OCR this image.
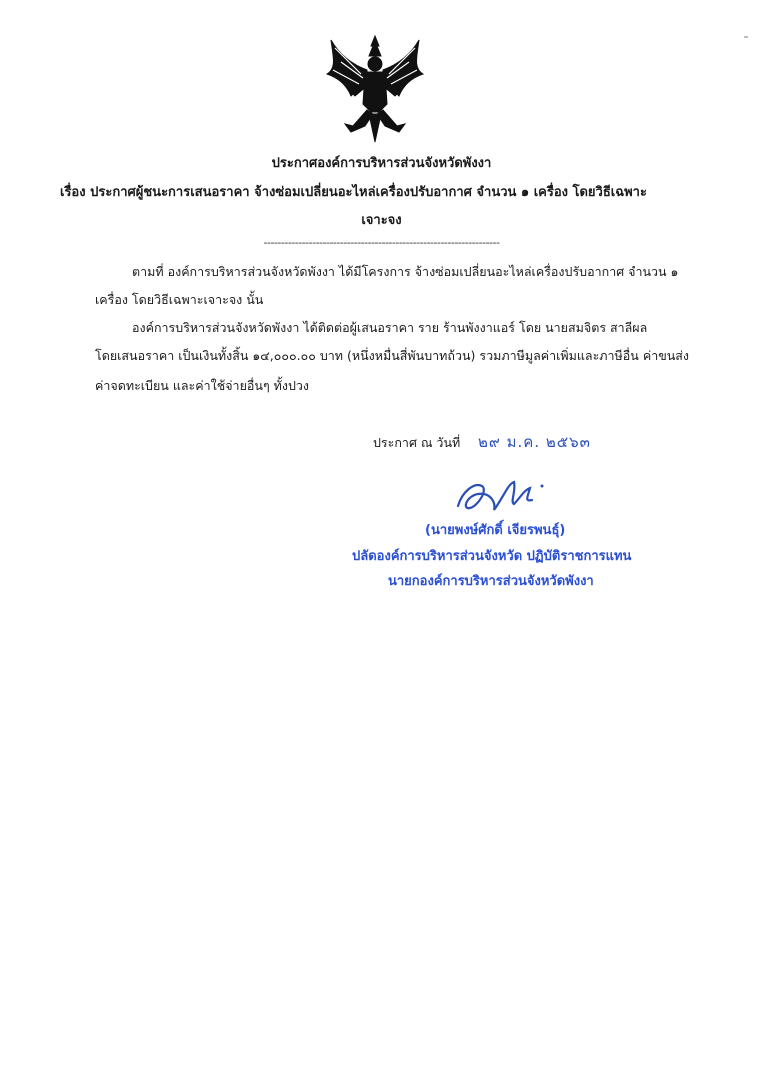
ประกาศองค์การบริหารส่วนจังหวัดพังงา
เรื่อง ประกาศผู้ชนะการเสนอราคา จ้างซ่อมเปลี่ยนอะไหล่เครื่องปรับอากาศ จำนวน ๑ เครื่อง โดยวิธีเฉพาะ
เจาะจง
--------------------------------------------------------------------
ตามที่ องค์การบริหารส่วนจังหวัดพังงา ได้มีโครงการ จ้างซ่อมเปลี่ยนอะไหล่เครื่องปรับอากาศ จำนวน ๑
เครื่อง โดยวิธีเฉพาะเจาะจง นั้น
องค์การบริหารส่วนจังหวัดพังงา ได้ติดต่อผู้เสนอราคา ราย ร้านพังงาแอร์ โดย นายสมจิตร สาลีผล
โดยเสนอราคา เป็นเงินทั้งสิ้น ๑๔,๐๐๐.๐๐ บาท (หนึ่งหมื่นสี่พันบาทถ้วน) รวมภาษีมูลค่าเพิ่มและภาษีอื่น ค่าขนส่ง
ค่าจดทะเบียน และค่าใช้จ่ายอื่นๆ ทั้งปวง
ประกาศ ณ วันที่ ๒๙ ม.ค. ๒๕๖๓
(นายพงษ์ศักดิ์ เจียรพนธุ์)
ปลัดองค์การบริหารส่วนจังหวัด ปฏิบัติราชการแทน
นายกองค์การบริหารส่วนจังหวัดพังงา
